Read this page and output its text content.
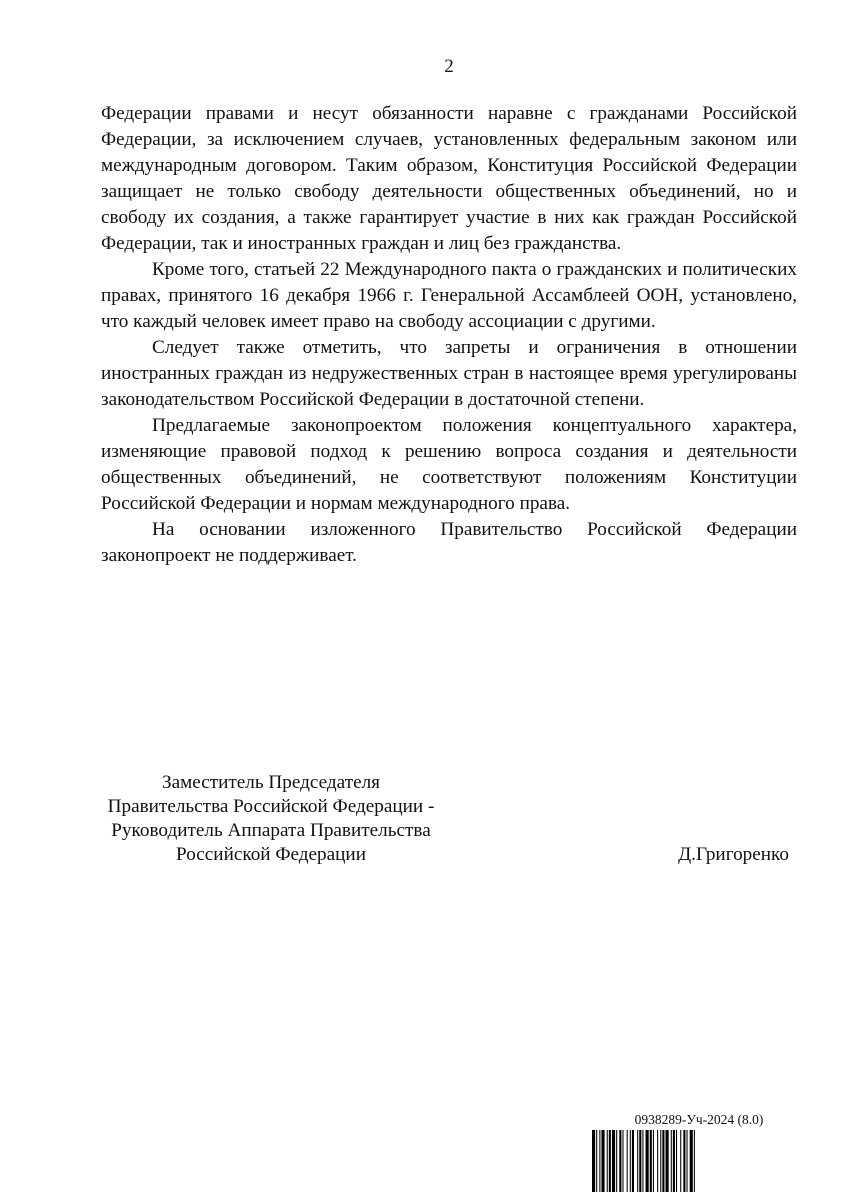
2

Федерации правами и несут обязанности наравне с гражданами Российской Федерации, за исключением случаев, установленных федеральным законом или международным договором. Таким образом, Конституция Российской Федерации защищает не только свободу деятельности общественных объединений, но и свободу их создания, а также гарантирует участие в них как граждан Российской Федерации, так и иностранных граждан и лиц без гражданства.

Кроме того, статьей 22 Международного пакта о гражданских и политических правах, принятого 16 декабря 1966 г. Генеральной Ассамблеей ООН, установлено, что каждый человек имеет право на свободу ассоциации с другими.

Следует также отметить, что запреты и ограничения в отношении иностранных граждан из недружественных стран в настоящее время урегулированы законодательством Российской Федерации в достаточной степени.

Предлагаемые законопроектом положения концептуального характера, изменяющие правовой подход к решению вопроса создания и деятельности общественных объединений, не соответствуют положениям Конституции Российской Федерации и нормам международного права.

На основании изложенного Правительство Российской Федерации законопроект не поддерживает.

Заместитель Председателя
Правительства Российской Федерации -
Руководитель Аппарата Правительства
Российской Федерации	Д.Григоренко
0938289-Уч-2024 (8.0)
